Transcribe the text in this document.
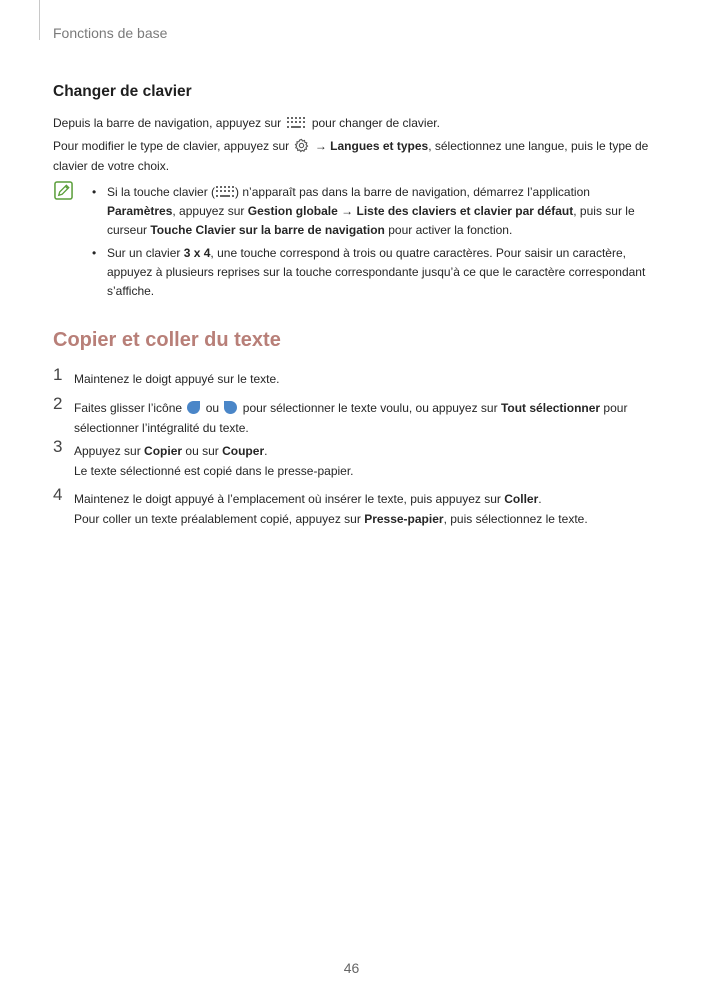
Fonctions de base
Changer de clavier
Depuis la barre de navigation, appuyez sur	pour changer de clavier.
Pour modifier le type de clavier, appuyez sur → Langues et types, sélectionnez une langue, puis le type de clavier de votre choix.
• Si la touche clavier ( ) n’apparaît pas dans la barre de navigation, démarrez l’application Paramètres, appuyez sur Gestion globale → Liste des claviers et clavier par défaut, puis sur le curseur Touche Clavier sur la barre de navigation pour activer la fonction.
• Sur un clavier 3 x 4, une touche correspond à trois ou quatre caractères. Pour saisir un caractère, appuyez à plusieurs reprises sur la touche correspondante jusqu’à ce que le caractère correspondant s’affiche.
Copier et coller du texte
1 Maintenez le doigt appuyé sur le texte.
2 Faites glisser l’icône ou pour sélectionner le texte voulu, ou appuyez sur Tout sélectionner pour sélectionner l’intégralité du texte.
3 Appuyez sur Copier ou sur Couper.
Le texte sélectionné est copié dans le presse-papier.
4 Maintenez le doigt appuyé à l’emplacement où insérer le texte, puis appuyez sur Coller.
Pour coller un texte préalablement copié, appuyez sur Presse-papier, puis sélectionnez le texte.
46
